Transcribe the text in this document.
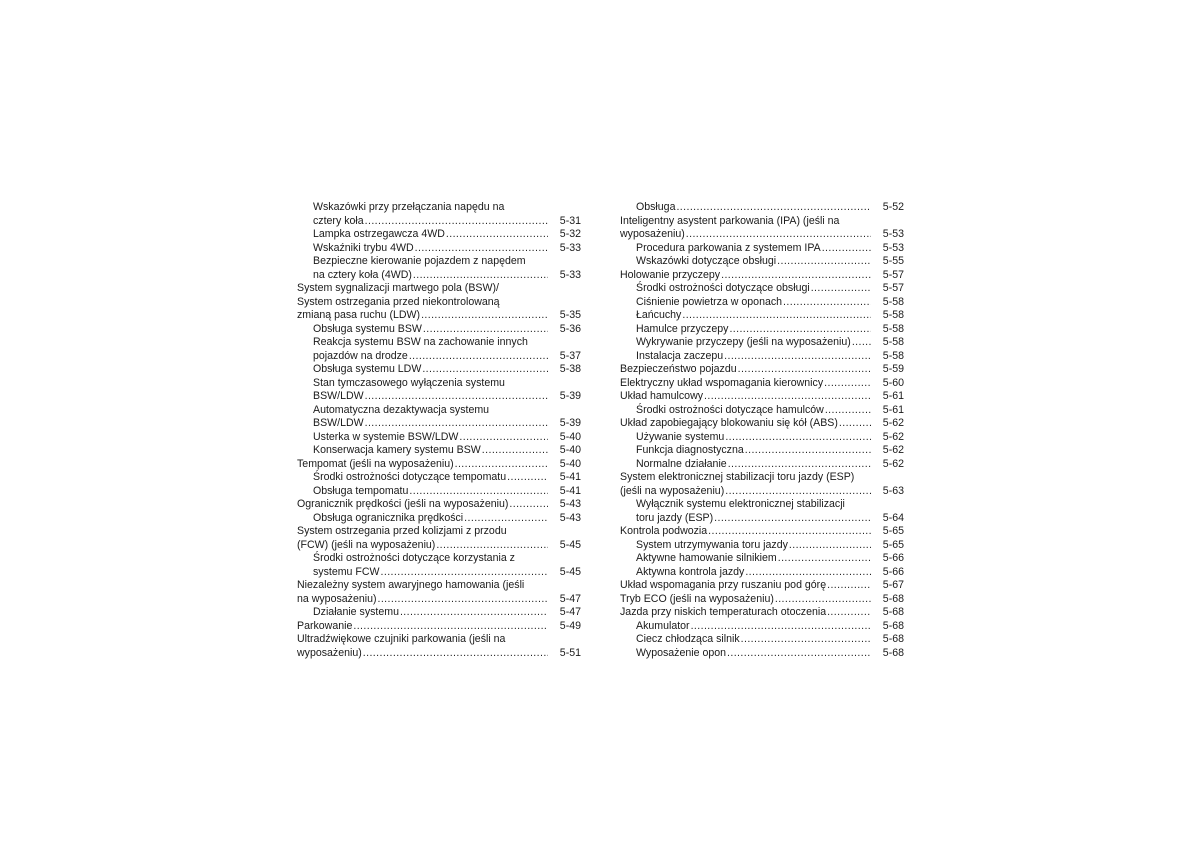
Wskazówki przy przełączania napędu na
cztery koła .....	5-31
Lampka ostrzegawcza 4WD .....	5-32
Wskaźniki trybu 4WD .....	5-33
Bezpieczne kierowanie pojazdem z napędem
na cztery koła (4WD) .....	5-33
System sygnalizacji martwego pola (BSW)/
System ostrzegania przed niekontrolowaną
zmianą pasa ruchu (LDW) .....	5-35
Obsługa systemu BSW .....	5-36
Reakcja systemu BSW na zachowanie innych
pojazdów na drodze .....	5-37
Obsługa systemu LDW .....	5-38
Stan tymczasowego wyłączenia systemu
BSW/LDW .....	5-39
Automatyczna dezaktywacja systemu
BSW/LDW .....	5-39
Usterka w systemie BSW/LDW .....	5-40
Konserwacja kamery systemu BSW .....	5-40
Tempomat (jeśli na wyposażeniu) .....	5-40
Środki ostrożności dotyczące tempomatu .....	5-41
Obsługa tempomatu .....	5-41
Ogranicznik prędkości (jeśli na wyposażeniu) .....	5-43
Obsługa ogranicznika prędkości .....	5-43
System ostrzegania przed kolizjami z przodu
(FCW) (jeśli na wyposażeniu) .....	5-45
Środki ostrożności dotyczące korzystania z
systemu FCW .....	5-45
Niezależny system awaryjnego hamowania (jeśli
na wyposażeniu) .....	5-47
Działanie systemu .....	5-47
Parkowanie .....	5-49
Ultradźwiękowe czujniki parkowania (jeśli na
wyposażeniu) .....	5-51
Obsługa .....	5-52
Inteligentny asystent parkowania (IPA) (jeśli na
wyposażeniu) .....	5-53
Procedura parkowania z systemem IPA .....	5-53
Wskazówki dotyczące obsługi .....	5-55
Holowanie przyczepy .....	5-57
Środki ostrożności dotyczące obsługi .....	5-57
Ciśnienie powietrza w oponach .....	5-58
Łańcuchy .....	5-58
Hamulce przyczepy .....	5-58
Wykrywanie przyczepy (jeśli na wyposażeniu) .....	5-58
Instalacja zaczepu .....	5-58
Bezpieczeństwo pojazdu .....	5-59
Elektryczny układ wspomagania kierownicy .....	5-60
Układ hamulcowy .....	5-61
Środki ostrożności dotyczące hamulców .....	5-61
Układ zapobiegający blokowaniu się kół (ABS) .....	5-62
Używanie systemu .....	5-62
Funkcja diagnostyczna .....	5-62
Normalne działanie .....	5-62
System elektronicznej stabilizacji toru jazdy (ESP)
(jeśli na wyposażeniu) .....	5-63
Wyłącznik systemu elektronicznej stabilizacji
toru jazdy (ESP) .....	5-64
Kontrola podwozia .....	5-65
System utrzymywania toru jazdy .....	5-65
Aktywne hamowanie silnikiem .....	5-66
Aktywna kontrola jazdy .....	5-66
Układ wspomagania przy ruszaniu pod górę .....	5-67
Tryb ECO (jeśli na wyposażeniu) .....	5-68
Jazda przy niskich temperaturach otoczenia .....	5-68
Akumulator .....	5-68
Ciecz chłodząca silnik .....	5-68
Wyposażenie opon .....	5-68
